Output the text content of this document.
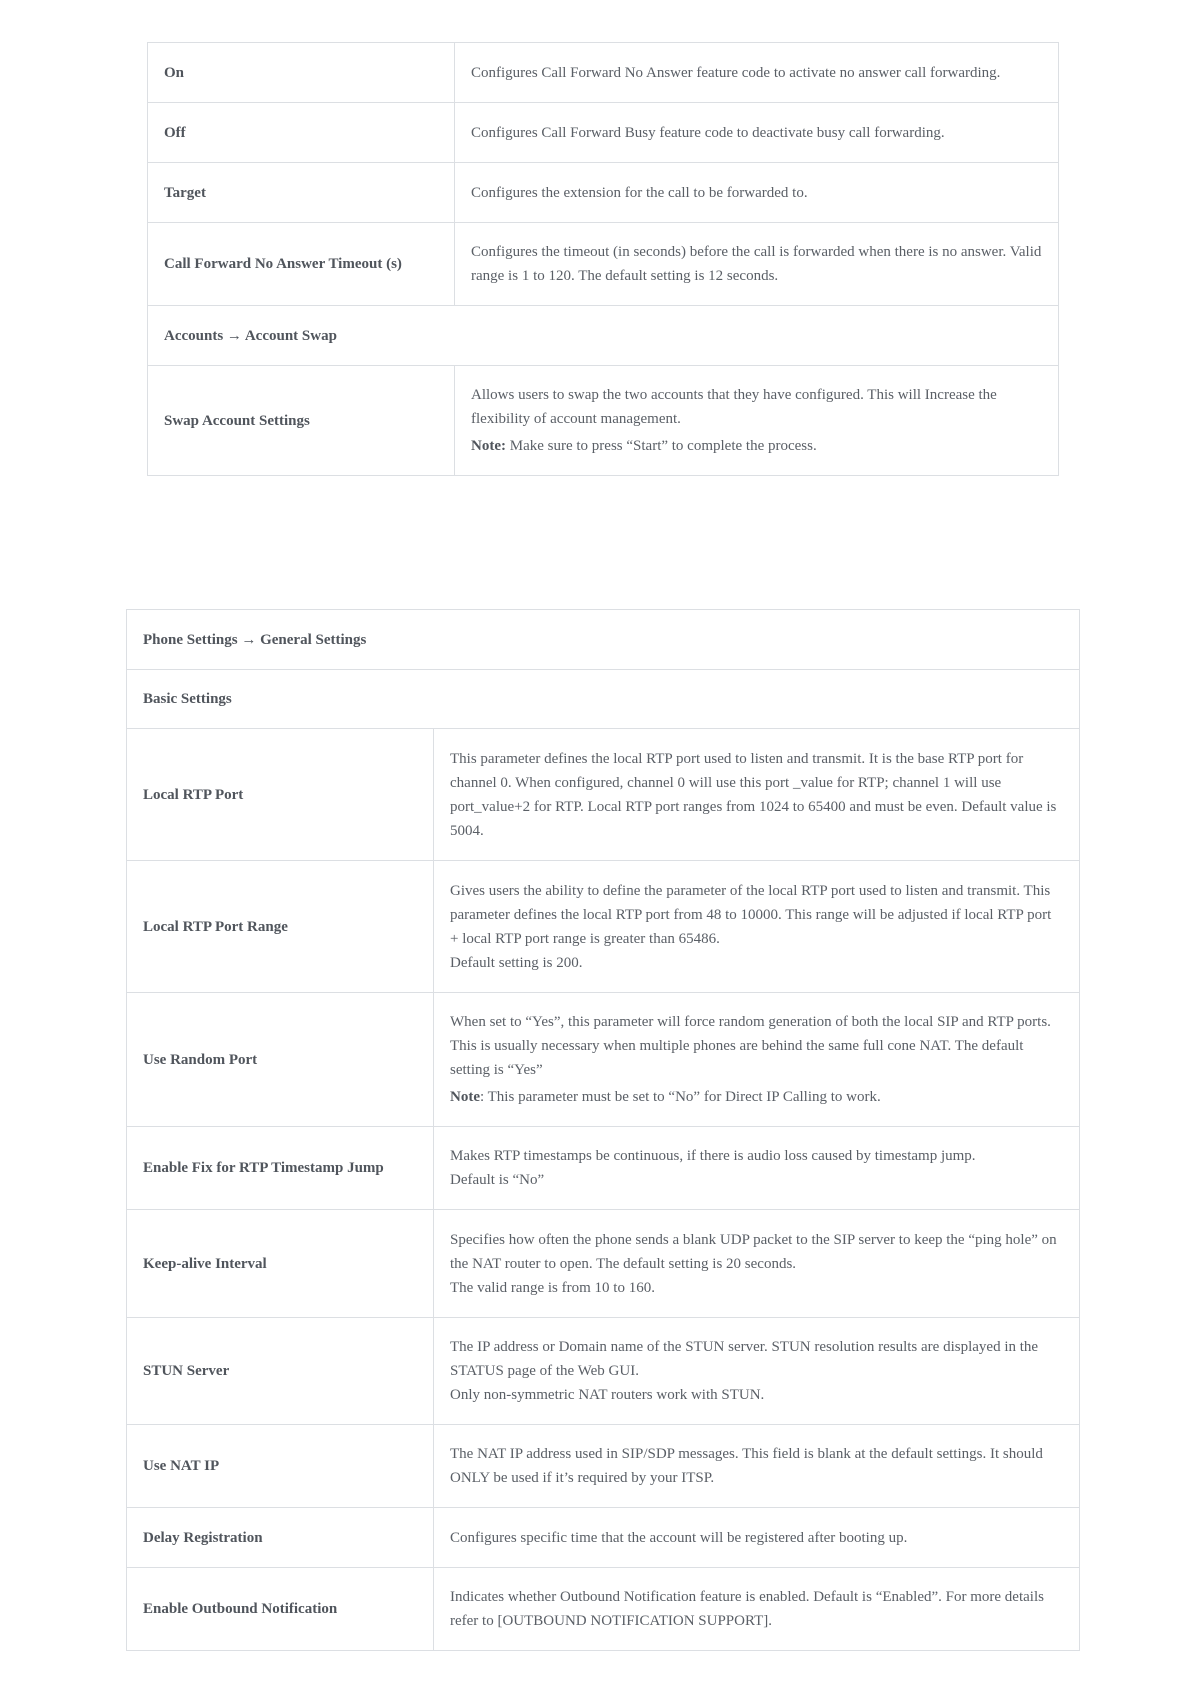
On	Configures Call Forward No Answer feature code to activate no answer call forwarding.

Off	Configures Call Forward Busy feature code to deactivate busy call forwarding.

Target	Configures the extension for the call to be forwarded to.

Call Forward No Answer Timeout (s)	Configures the timeout (in seconds) before the call is forwarded when there is no answer. Valid range is 1 to 120. The default setting is 12 seconds.

Accounts → Account Swap	
Swap Account Settings	Allows users to swap the two accounts that they have configured. This will Increase the flexibility of account management.

Note: Make sure to press “Start” to complete the process.

Phone Settings → General Settings	
Basic Settings	
Local RTP Port	This parameter defines the local RTP port used to listen and transmit. It is the base RTP port for channel 0. When configured, channel 0 will use this port _value for RTP; channel 1 will use port_value+2 for RTP. Local RTP port ranges from 1024 to 65400 and must be even. Default value is 5004.

Local RTP Port Range	Gives users the ability to define the parameter of the local RTP port used to listen and transmit. This parameter defines the local RTP port from 48 to 10000. This range will be adjusted if local RTP port + local RTP port range is greater than 65486.

Default setting is 200.

Use Random Port	When set to “Yes”, this parameter will force random generation of both the local SIP and RTP ports. This is usually necessary when multiple phones are behind the same full cone NAT. The default setting is “Yes”

Note: This parameter must be set to “No” for Direct IP Calling to work.

Enable Fix for RTP Timestamp Jump	Makes RTP timestamps be continuous, if there is audio loss caused by timestamp jump.

Default is “No”

Keep-alive Interval	Specifies how often the phone sends a blank UDP packet to the SIP server to keep the “ping hole” on the NAT router to open. The default setting is 20 seconds.

The valid range is from 10 to 160.

STUN Server	The IP address or Domain name of the STUN server. STUN resolution results are displayed in the STATUS page of the Web GUI.

Only non-symmetric NAT routers work with STUN.

Use NAT IP	The NAT IP address used in SIP/SDP messages. This field is blank at the default settings. It should ONLY be used if it’s required by your ITSP.

Delay Registration	Configures specific time that the account will be registered after booting up.

Enable Outbound Notification	Indicates whether Outbound Notification feature is enabled. Default is “Enabled”. For more details refer to [OUTBOUND NOTIFICATION SUPPORT].
